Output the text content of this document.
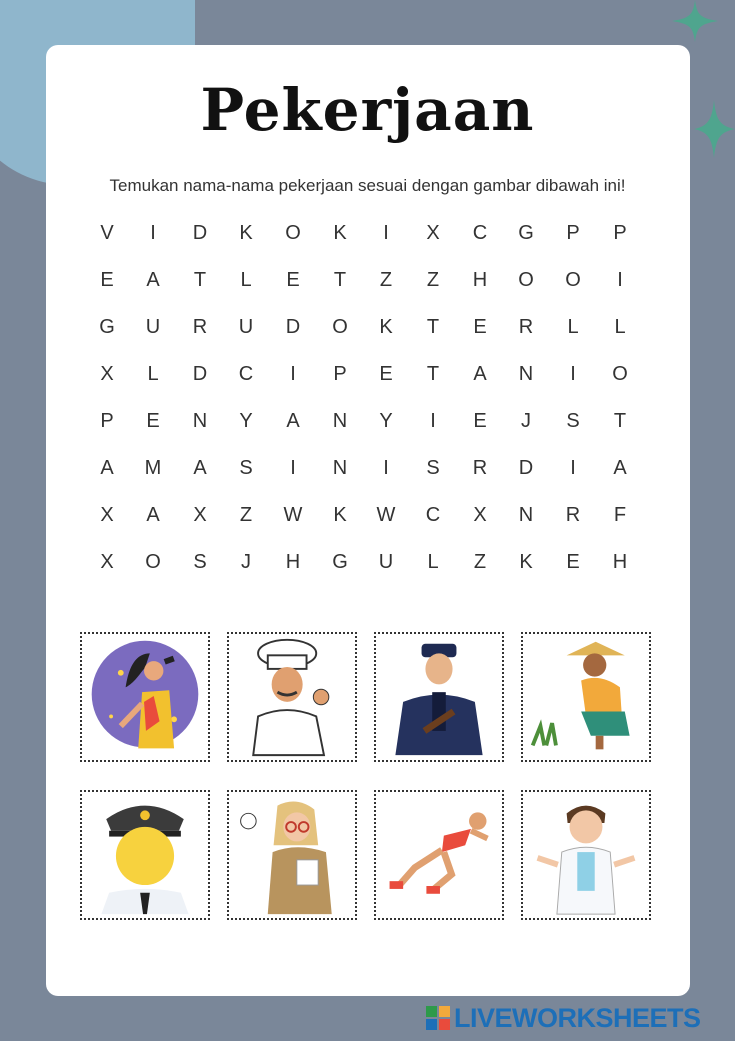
Pekerjaan
Temukan nama-nama pekerjaan sesuai dengan gambar dibawah ini!
V	I	D	K	O	K	I	X	C	G	P	P
E	A	T	L	E	T	Z	Z	H	O	O	I
G	U	R	U	D	O	K	T	E	R	L	L
X	L	D	C	I	P	E	T	A	N	I	O
P	E	N	Y	A	N	Y	I	E	J	S	T
A	M	A	S	I	N	I	S	R	D	I	A
X	A	X	Z	W	K	W	C	X	N	R	F
X	O	S	J	H	G	U	L	Z	K	E	H
LIVEWORKSHEETS
